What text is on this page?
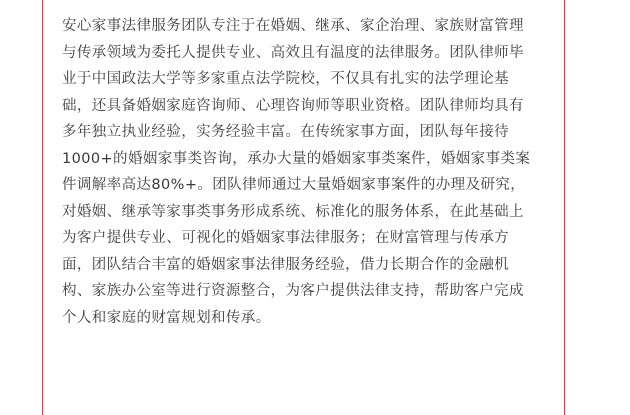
安心家事法律服务团队专注于在婚姻、继承、家企治理、家族财富管理
与传承领域为委托人提供专业、高效且有温度的法律服务。团队律师毕
业于中国政法大学等多家重点法学院校，不仅具有扎实的法学理论基
础，还具备婚姻家庭咨询师、心理咨询师等职业资格。团队律师均具有
多年独立执业经验，实务经验丰富。在传统家事方面，团队每年接待
1000+的婚姻家事类咨询，承办大量的婚姻家事类案件，婚姻家事类案
件调解率高达80%+。团队律师通过大量婚姻家事案件的办理及研究，
对婚姻、继承等家事类事务形成系统、标准化的服务体系，在此基础上
为客户提供专业、可视化的婚姻家事法律服务；在财富管理与传承方
面，团队结合丰富的婚姻家事法律服务经验，借力长期合作的金融机
构、家族办公室等进行资源整合，为客户提供法律支持，帮助客户完成
个人和家庭的财富规划和传承。
